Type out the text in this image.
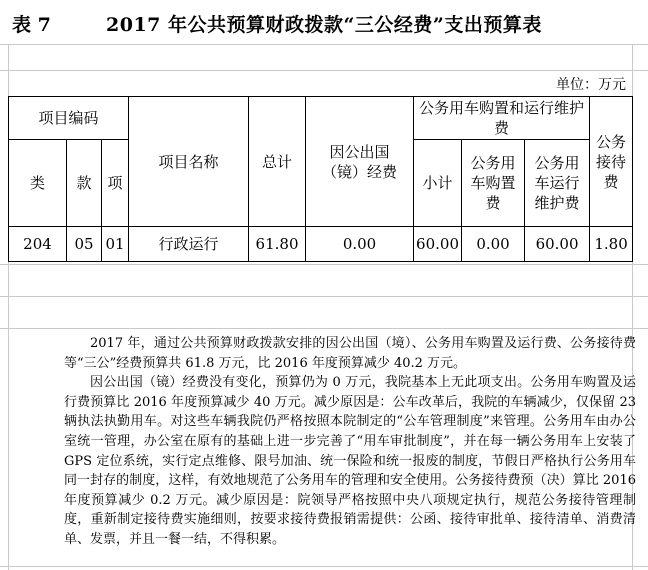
表 7	2017 年公共预算财政拨款“三公经费”支出预算表
单位：万元
项目编码			项目名称	总计	因公出国（镜）经费	公务用车购置和运行维护费			公务接待费
类	款	项				小计	公务用车购置费	公务用车运行维护费	
204	05	01	行政运行	61.80	0.00	60.00	0.00	60.00	1.80

2017 年，通过公共预算财政拨款安排的因公出国（境）、公务用车购置及运行费、公务接待费等“三公”经费预算共 61.8 万元，比 2016 年度预算减少 40.2 万元。

因公出国（镜）经费没有变化，预算仍为 0 万元，我院基本上无此项支出。公务用车购置及运行费预算比 2016 年度预算减少 40 万元。减少原因是：公车改革后，我院的车辆减少，仅保留 23 辆执法执勤用车。对这些车辆我院仍严格按照本院制定的“公车管理制度”来管理。公务用车由办公室统一管理，办公室在原有的基础上进一步完善了“用车审批制度”，并在每一辆公务用车上安装了 GPS 定位系统，实行定点维修、限号加油、统一保险和统一报废的制度，节假日严格执行公务用车同一封存的制度，这样，有效地规范了公务用车的管理和安全使用。公务接待费预（决）算比 2016 年度预算减少 0.2 万元。减少原因是：院领导严格按照中央八项规定执行，规范公务接待管理制度，重新制定接待费实施细则，按要求接待费报销需提供：公函、接待审批单、接待清单、消费清单、发票，并且一餐一结，不得积累。
